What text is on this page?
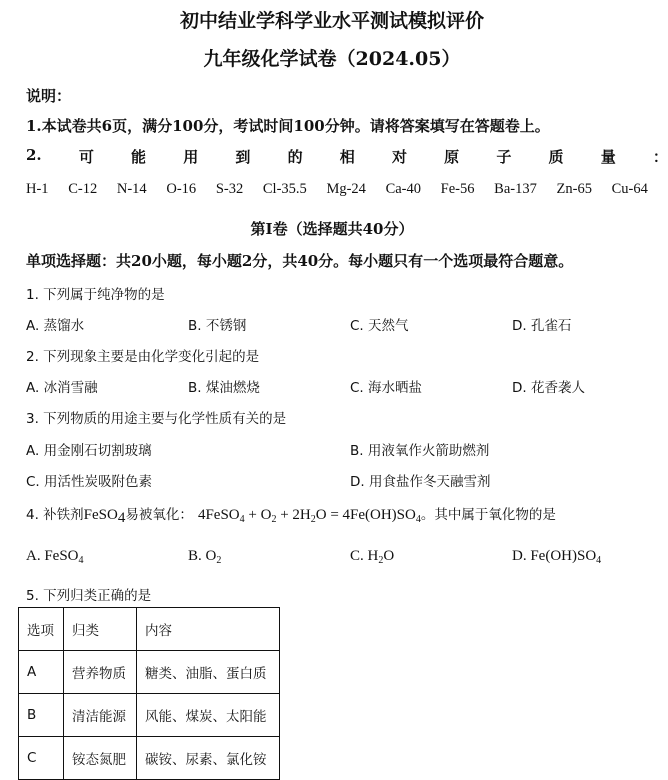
初中结业学科学业水平测试模拟评价
九年级化学试卷（2024.05）
说明：
1.本试卷共6页，满分100分，考试时间100分钟。请将答案填写在答题卷上。
2. 可 能 用 到 的 相 对 原 子 质 量 ：
H-1 C-12 N-14 O-16 S-32 Cl-35.5 Mg-24 Ca-40 Fe-56 Ba-137 Zn-65 Cu-64
第Ⅰ卷（选择题共40分）
单项选择题：共20小题，每小题2分，共40分。每小题只有一个选项最符合题意。
1. 下列属于纯净物的是
A. 蒸馏水	B. 不锈钢	C. 天然气	D. 孔雀石
2. 下列现象主要是由化学变化引起的是
A. 冰消雪融	B. 煤油燃烧	C. 海水晒盐	D. 花香袭人
3. 下列物质的用途主要与化学性质有关的是
A. 用金刚石切割玻璃	B. 用液氧作火箭助燃剂
C. 用活性炭吸附色素	D. 用食盐作冬天融雪剂
4. 补铁剂FeSO$_4$易被氧化： 4FeSO$_4$ + $O_2 + 2H_2O = 4Fe(OH)SO_4$。其中属于氧化物的是
A. FeSO$_4$	B. $O_2$	C. $H_2O$	D. $Fe(OH)SO_4$
5. 下列归类正确的是
选项	归类	内容
A	营养物质	糖类、油脂、蛋白质
B	清洁能源	风能、煤炭、太阳能
C	铵态氮肥	碳铵、尿素、氯化铵
